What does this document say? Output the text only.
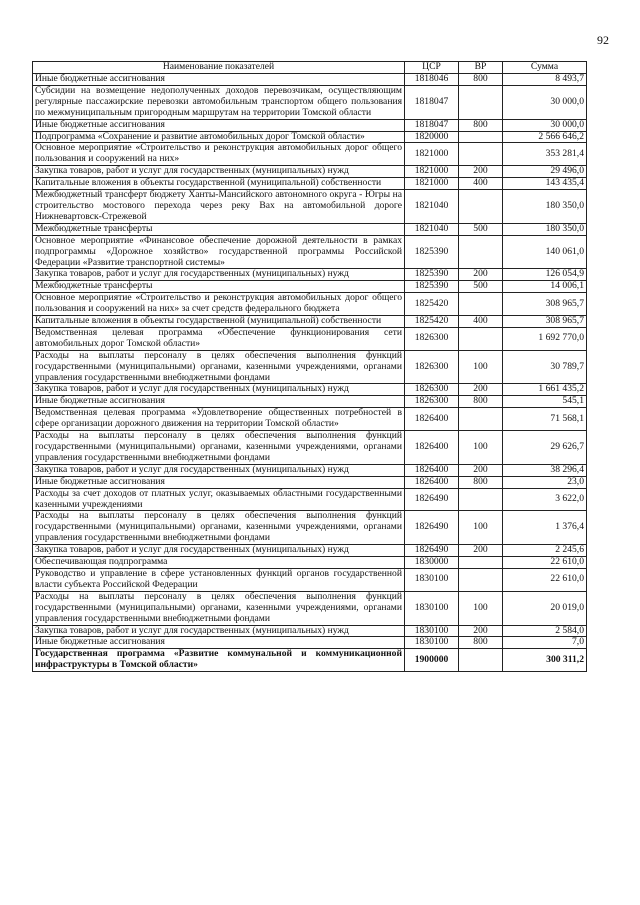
92
Наименование показателей	ЦСР	ВР	Сумма
Иные бюджетные ассигнования	1818046	800	8 493,7
Субсидии на возмещение недополученных доходов перевозчикам, осуществляющим регулярные пассажирские перевозки автомобильным транспортом общего пользования по межмуниципальным пригородным маршрутам на территории Томской области	1818047		30 000,0
Иные бюджетные ассигнования	1818047	800	30 000,0
Подпрограмма «Сохранение и развитие автомобильных дорог Томской области»	1820000		2 566 646,2
Основное мероприятие «Строительство и реконструкция автомобильных дорог общего пользования и сооружений на них»	1821000		353 281,4
Закупка товаров, работ и услуг для государственных (муниципальных) нужд	1821000	200	29 496,0
Капитальные вложения в объекты государственной (муниципальной) собственности	1821000	400	143 435,4
Межбюджетный трансферт бюджету Ханты-Мансийского автономного округа - Югры на строительство мостового перехода через реку Вах на автомобильной дороге Нижневартовск-Стрежевой	1821040		180 350,0
Межбюджетные трансферты	1821040	500	180 350,0
Основное мероприятие «Финансовое обеспечение дорожной деятельности в рамках подпрограммы «Дорожное хозяйство» государственной программы Российской Федерации «Развитие транспортной системы»	1825390		140 061,0
Закупка товаров, работ и услуг для государственных (муниципальных) нужд	1825390	200	126 054,9
Межбюджетные трансферты	1825390	500	14 006,1
Основное мероприятие «Строительство и реконструкция автомобильных дорог общего пользования и сооружений на них» за счет средств федерального бюджета	1825420		308 965,7
Капитальные вложения в объекты государственной (муниципальной) собственности	1825420	400	308 965,7
Ведомственная целевая программа «Обеспечение функционирования сети автомобильных дорог Томской области»	1826300		1 692 770,0
Расходы на выплаты персоналу в целях обеспечения выполнения функций государственными (муниципальными) органами, казенными учреждениями, органами управления государственными внебюджетными фондами	1826300	100	30 789,7
Закупка товаров, работ и услуг для государственных (муниципальных) нужд	1826300	200	1 661 435,2
Иные бюджетные ассигнования	1826300	800	545,1
Ведомственная целевая программа «Удовлетворение общественных потребностей в сфере организации дорожного движения на территории Томской области»	1826400		71 568,1
Расходы на выплаты персоналу в целях обеспечения выполнения функций государственными (муниципальными) органами, казенными учреждениями, органами управления государственными внебюджетными фондами	1826400	100	29 626,7
Закупка товаров, работ и услуг для государственных (муниципальных) нужд	1826400	200	38 296,4
Иные бюджетные ассигнования	1826400	800	23,0
Расходы за счет доходов от платных услуг, оказываемых областными государственными казенными учреждениями	1826490		3 622,0
Расходы на выплаты персоналу в целях обеспечения выполнения функций государственными (муниципальными) органами, казенными учреждениями, органами управления государственными внебюджетными фондами	1826490	100	1 376,4
Закупка товаров, работ и услуг для государственных (муниципальных) нужд	1826490	200	2 245,6
Обеспечивающая подпрограмма	1830000		22 610,0
Руководство и управление в сфере установленных функций органов государственной власти субъекта Российской Федерации	1830100		22 610,0
Расходы на выплаты персоналу в целях обеспечения выполнения функций государственными (муниципальными) органами, казенными учреждениями, органами управления государственными внебюджетными фондами	1830100	100	20 019,0
Закупка товаров, работ и услуг для государственных (муниципальных) нужд	1830100	200	2 584,0
Иные бюджетные ассигнования	1830100	800	7,0
Государственная программа «Развитие коммунальной и коммуникационной инфраструктуры в Томской области»	1900000		300 311,2
